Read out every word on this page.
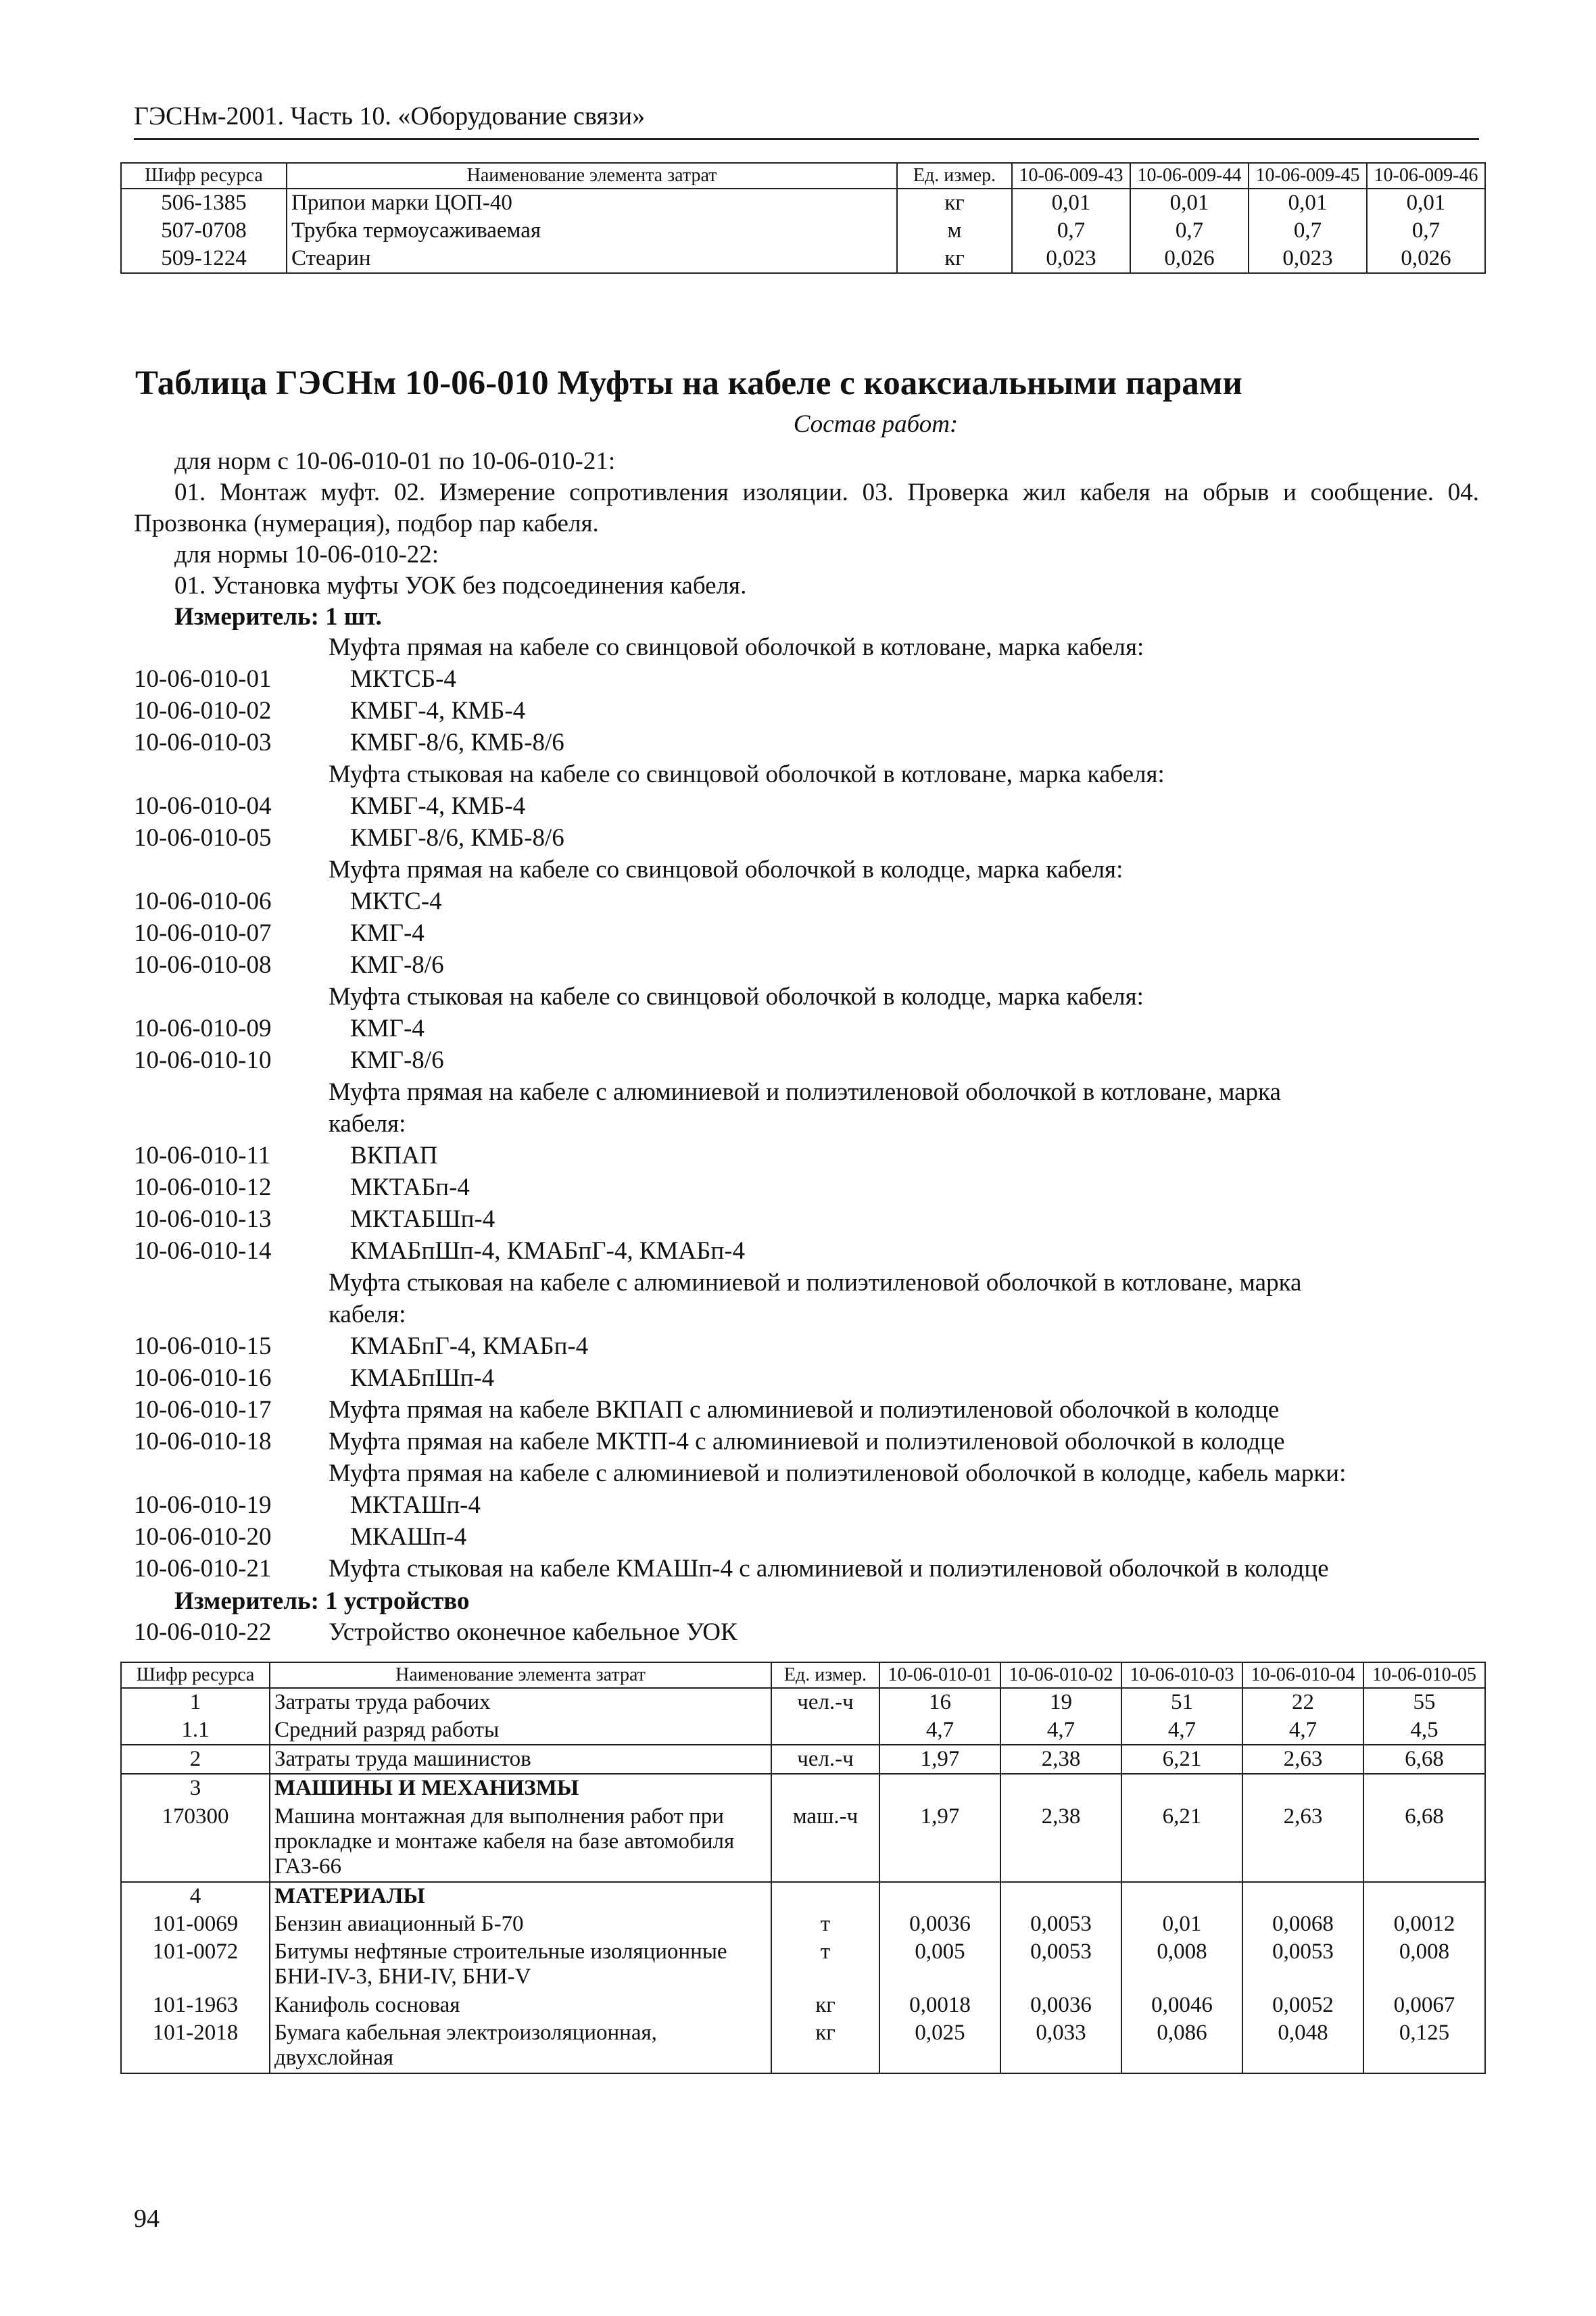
ГЭСНм-2001. Часть 10. «Оборудование связи»
Шифр ресурса	Наименование элемента затрат	Ед. измер.	10-06-009-43	10-06-009-44	10-06-009-45	10-06-009-46
506-1385	Припои марки ЦОП-40	кг	0,01	0,01	0,01	0,01
507-0708	Трубка термоусаживаемая	м	0,7	0,7	0,7	0,7
509-1224	Стеарин	кг	0,023	0,026	0,023	0,026
Таблица ГЭСНм 10-06-010 Муфты на кабеле с коаксиальными парами
Состав работ:
для норм с 10-06-010-01 по 10-06-010-21:
01. Монтаж муфт. 02. Измерение сопротивления изоляции. 03. Проверка жил кабеля на обрыв и сообщение. 04. Прозвонка (нумерация), подбор пар кабеля.
для нормы 10-06-010-22:
01. Установка муфты УОК без подсоединения кабеля.
Измеритель: 1 шт.
Муфта прямая на кабеле со свинцовой оболочкой в котловане, марка кабеля:
10-06-010-01	МКТСБ-4
10-06-010-02	КМБГ-4, КМБ-4
10-06-010-03	КМБГ-8/6, КМБ-8/6
Муфта стыковая на кабеле со свинцовой оболочкой в котловане, марка кабеля:
10-06-010-04	КМБГ-4, КМБ-4
10-06-010-05	КМБГ-8/6, КМБ-8/6
Муфта прямая на кабеле со свинцовой оболочкой в колодце, марка кабеля:
10-06-010-06	МКТС-4
10-06-010-07	КМГ-4
10-06-010-08	КМГ-8/6
Муфта стыковая на кабеле со свинцовой оболочкой в колодце, марка кабеля:
10-06-010-09	КМГ-4
10-06-010-10	КМГ-8/6
Муфта прямая на кабеле с алюминиевой и полиэтиленовой оболочкой в котловане, марка
кабеля:
10-06-010-11	ВКПАП
10-06-010-12	МКТАБп-4
10-06-010-13	МКТАБШп-4
10-06-010-14	КМАБпШп-4, КМАБпГ-4, КМАБп-4
Муфта стыковая на кабеле с алюминиевой и полиэтиленовой оболочкой в котловане, марка
кабеля:
10-06-010-15	КМАБпГ-4, КМАБп-4
10-06-010-16	КМАБпШп-4
10-06-010-17 Муфта прямая на кабеле ВКПАП с алюминиевой и полиэтиленовой оболочкой в колодце
10-06-010-18 Муфта прямая на кабеле МКТП-4 с алюминиевой и полиэтиленовой оболочкой в колодце
Муфта прямая на кабеле с алюминиевой и полиэтиленовой оболочкой в колодце, кабель марки:
10-06-010-19	МКТАШп-4
10-06-010-20	МКАШп-4
10-06-010-21 Муфта стыковая на кабеле КМАШп-4 с алюминиевой и полиэтиленовой оболочкой в колодце
Измеритель: 1 устройство
10-06-010-22 Устройство оконечное кабельное УОК
Шифр ресурса	Наименование элемента затрат	Ед. измер.	10-06-010-01	10-06-010-02	10-06-010-03	10-06-010-04	10-06-010-05
1	Затраты труда рабочих	чел.-ч	16	19	51	22	55
1.1	Средний разряд работы		4,7	4,7	4,7	4,7	4,5
2	Затраты труда машинистов	чел.-ч	1,97	2,38	6,21	2,63	6,68
3	МАШИНЫ И МЕХАНИЗМЫ						
170300	Машина монтажная для выполнения работ при прокладке и монтаже кабеля на базе автомобиля ГАЗ-66	маш.-ч	1,97	2,38	6,21	2,63	6,68
4	МАТЕРИАЛЫ						
101-0069	Бензин авиационный Б-70	т	0,0036	0,0053	0,01	0,0068	0,0012
101-0072	Битумы нефтяные строительные изоляционные БНИ-IV-3, БНИ-IV, БНИ-V	т	0,005	0,0053	0,008	0,0053	0,008
101-1963	Канифоль сосновая	кг	0,0018	0,0036	0,0046	0,0052	0,0067
101-2018	Бумага кабельная электроизоляционная, двухслойная	кг	0,025	0,033	0,086	0,048	0,125
94
